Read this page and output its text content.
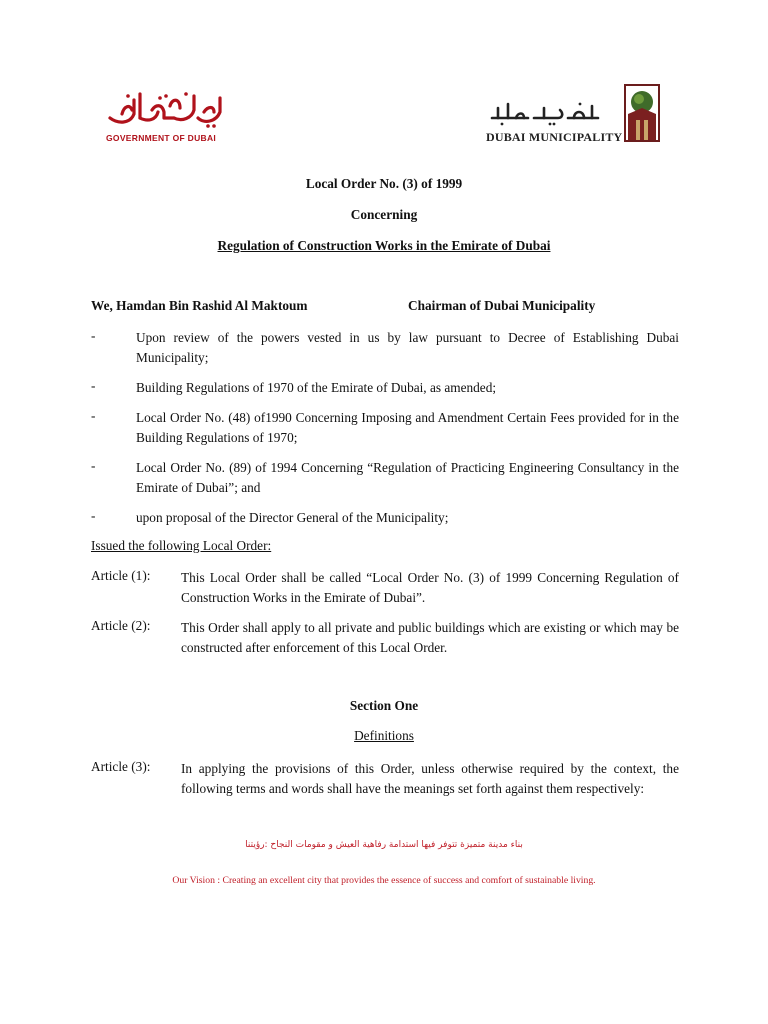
GOVERNMENT OF DUBAI	DUBAI MUNICIPALITY
Local Order No. (3) of 1999
Concerning
Regulation of Construction Works in the Emirate of Dubai
We, Hamdan Bin Rashid Al Maktoum	Chairman of Dubai Municipality
-	Upon review of the powers vested in us by law pursuant to Decree of Establishing Dubai Municipality;
-	Building Regulations of 1970 of the Emirate of Dubai, as amended;
-	Local Order No. (48) of1990 Concerning Imposing and Amendment Certain Fees provided for in the Building Regulations of 1970;
-	Local Order No. (89) of 1994 Concerning “Regulation of Practicing Engineering Consultancy in the Emirate of Dubai”; and
-	upon proposal of the Director General of the Municipality;
Issued the following Local Order:
Article (1): This Local Order shall be called “Local Order No. (3) of 1999 Concerning Regulation of Construction Works in the Emirate of Dubai”.
Article (2): This Order shall apply to all private and public buildings which are existing or which may be constructed after enforcement of this Local Order.
Section One
Definitions
Article (3): In applying the provisions of this Order, unless otherwise required by the context, the following terms and words shall have the meanings set forth against them respectively:
بناء مدينة متميزة تتوفر فيها استدامة رفاهية العيش و مقومات النجاح :رؤيتنا
Our Vision : Creating an excellent city that provides the essence of success and comfort of sustainable living.
